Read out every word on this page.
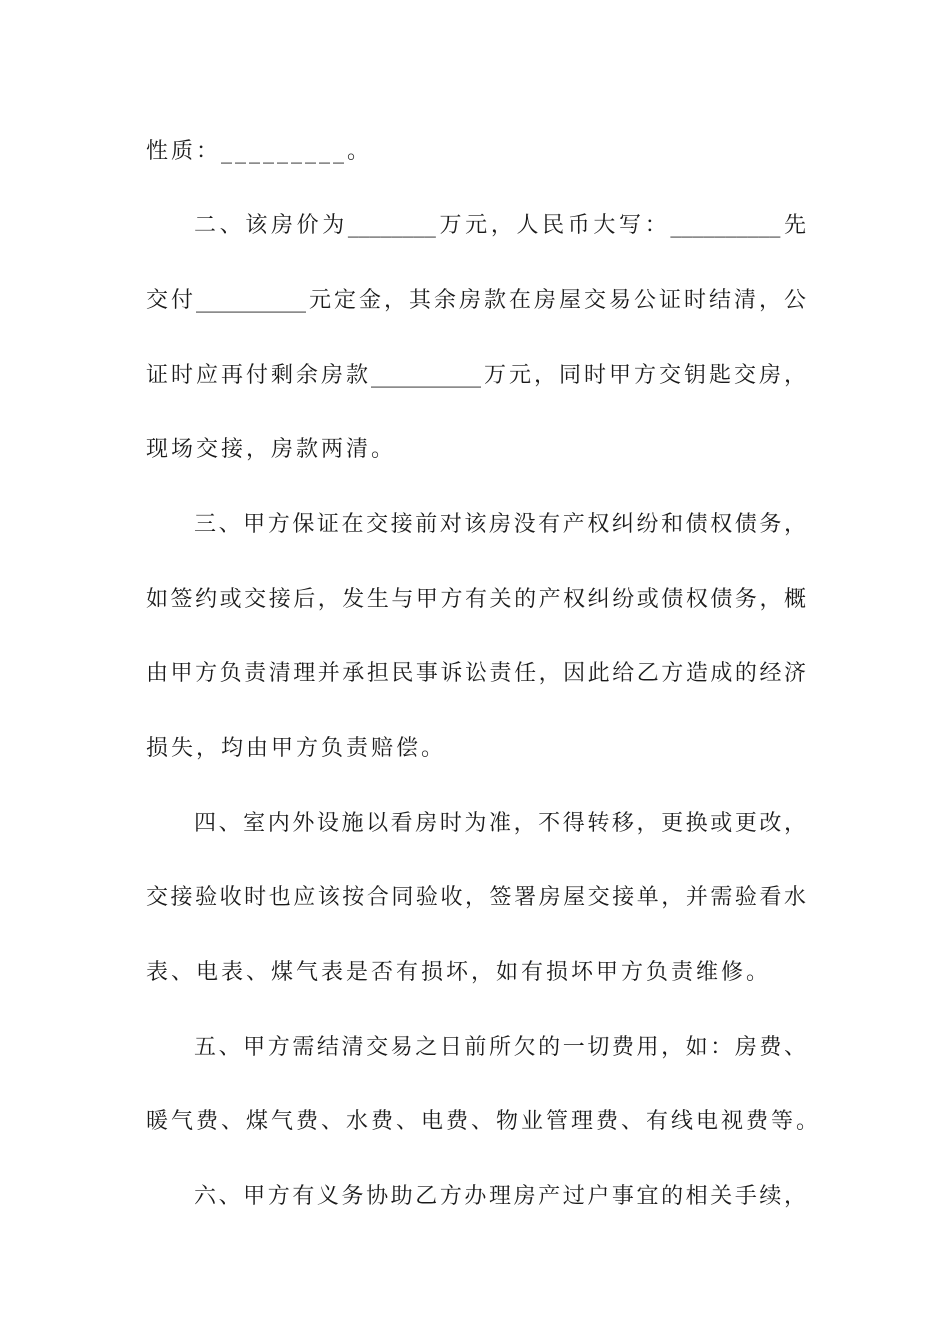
性质：_________。
二、该房价为________万元，人民币大写：__________先
交付__________元定金，其余房款在房屋交易公证时结清，公
证时应再付剩余房款__________万元，同时甲方交钥匙交房，
现场交接，房款两清。
三、甲方保证在交接前对该房没有产权纠纷和债权债务，
如签约或交接后，发生与甲方有关的产权纠纷或债权债务，概
由甲方负责清理并承担民事诉讼责任，因此给乙方造成的经济
损失，均由甲方负责赔偿。
四、室内外设施以看房时为准，不得转移，更换或更改，
交接验收时也应该按合同验收，签署房屋交接单，并需验看水
表、电表、煤气表是否有损坏，如有损坏甲方负责维修。
五、甲方需结清交易之日前所欠的一切费用，如：房费、
暖气费、煤气费、水费、电费、物业管理费、有线电视费等。
六、甲方有义务协助乙方办理房产过户事宜的相关手续，
